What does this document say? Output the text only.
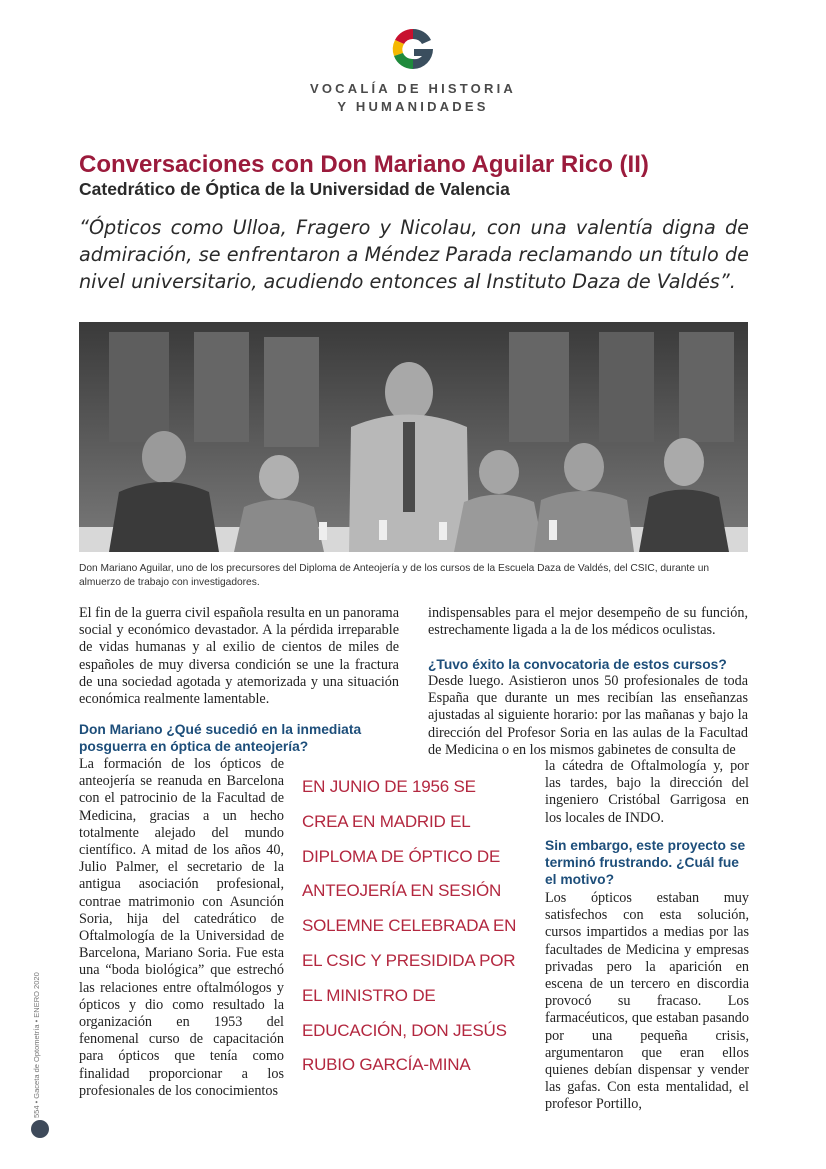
VOCALÍA DE HISTORIA
Y HUMANIDADES
Conversaciones con Don Mariano Aguilar Rico (II)
Catedrático de Óptica de la Universidad de Valencia
“Ópticos como Ulloa, Fragero y Nicolau, con una valentía digna de admiración, se enfrentaron a Méndez Parada reclamando un título de nivel universitario, acudiendo entonces al Instituto Daza de Valdés”.
Don Mariano Aguilar, uno de los precursores del Diploma de Anteojería y de los cursos de la Escuela Daza de Valdés, del CSIC, durante un almuerzo de trabajo con investigadores.
El fin de la guerra civil española resulta en un panorama social y económico devastador. A la pérdida irreparable de vidas humanas y al exilio de cientos de miles de españoles de muy diversa condición se une la fractura de una sociedad agotada y atemorizada y una situación económica realmente lamentable.
Don Mariano ¿Qué sucedió en la inmediata posguerra en óptica de anteojería?
La formación de los ópticos de anteojería se reanuda en Barcelona con el patrocinio de la Facultad de Medicina, gracias a un hecho totalmente alejado del mundo científico. A mitad de los años 40, Julio Palmer, el secretario de la antigua asociación profesional, contrae matrimonio con Asunción Soria, hija del catedrático de Oftalmología de la Universidad de Barcelona, Mariano Soria. Fue esta una “boda biológica” que estrechó las relaciones entre oftalmólogos y ópticos y dio como resultado la organización en 1953 del fenomenal curso de capacitación para ópticos que tenía como finalidad proporcionar a los profesionales de los conocimientos
EN JUNIO DE 1956 SE CREA EN MADRID EL DIPLOMA DE ÓPTICO DE ANTEOJERÍA EN SESIÓN SOLEMNE CELEBRADA EN EL CSIC Y PRESIDIDA POR EL MINISTRO DE EDUCACIÓN, DON JESÚS RUBIO GARCÍA-MINA
indispensables para el mejor desempeño de su función, estrechamente ligada a la de los médicos oculistas.
¿Tuvo éxito la convocatoria de estos cursos?
Desde luego. Asistieron unos 50 profesionales de toda España que durante un mes recibían las enseñanzas ajustadas al siguiente horario: por las mañanas y bajo la dirección del Profesor Soria en las aulas de la Facultad de Medicina o en los mismos gabinetes de consulta de
la cátedra de Oftalmología y, por las tardes, bajo la dirección del ingeniero Cristóbal Garrigosa en los locales de INDO.
Sin embargo, este proyecto se terminó frustrando. ¿Cuál fue el motivo?
Los ópticos estaban muy satisfechos con esta solución, cursos impartidos a medias por las facultades de Medicina y empresas privadas pero la aparición en escena de un tercero en discordia provocó su fracaso. Los farmacéuticos, que estaban pasando por una pequeña crisis, argumentaron que eran ellos quienes debían dispensar y vender las gafas. Con esta mentalidad, el profesor Portillo,
554 • Gaceta de Optometría • ENERO 2020
